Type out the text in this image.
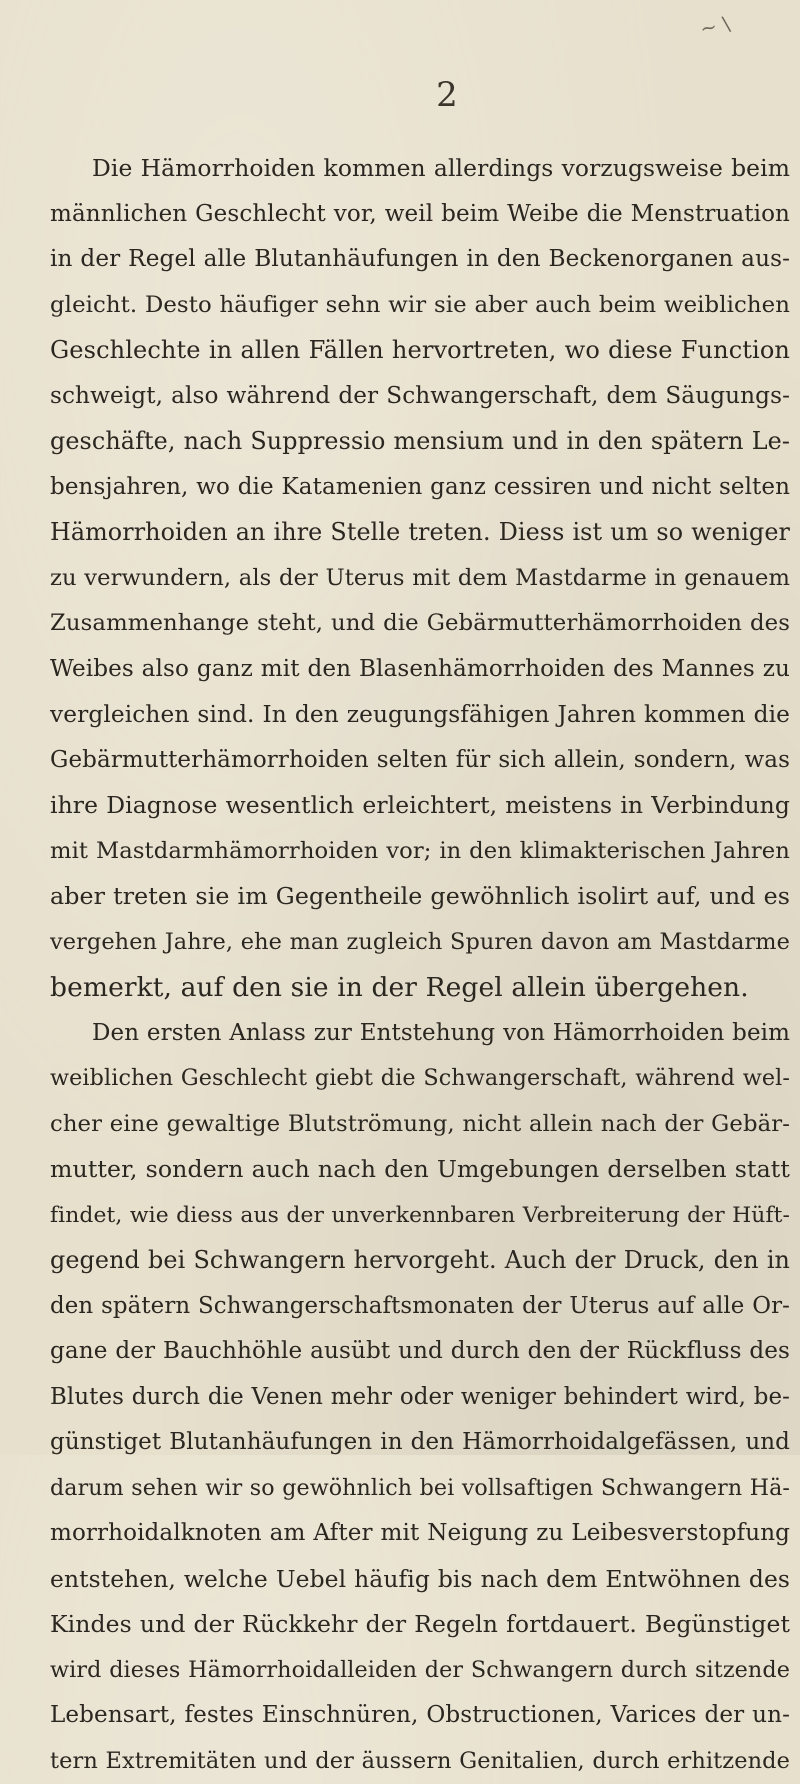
~ \
2
Die Hämorrhoiden kommen allerdings vorzugsweise beim
männlichen Geschlecht vor, weil beim Weibe die Menstruation
in der Regel alle Blutanhäufungen in den Beckenorganen aus-
gleicht. Desto häufiger sehn wir sie aber auch beim weiblichen
Geschlechte in allen Fällen hervortreten, wo diese Function
schweigt, also während der Schwangerschaft, dem Säugungs-
geschäfte, nach Suppressio mensium und in den spätern Le-
bensjahren, wo die Katamenien ganz cessiren und nicht selten
Hämorrhoiden an ihre Stelle treten. Diess ist um so weniger
zu verwundern, als der Uterus mit dem Mastdarme in genauem
Zusammenhange steht, und die Gebärmutterhämorrhoiden des
Weibes also ganz mit den Blasenhämorrhoiden des Mannes zu
vergleichen sind. In den zeugungsfähigen Jahren kommen die
Gebärmutterhämorrhoiden selten für sich allein, sondern, was
ihre Diagnose wesentlich erleichtert, meistens in Verbindung
mit Mastdarmhämorrhoiden vor; in den klimakterischen Jahren
aber treten sie im Gegentheile gewöhnlich isolirt auf, und es
vergehen Jahre, ehe man zugleich Spuren davon am Mastdarme
bemerkt, auf den sie in der Regel allein übergehen.
Den ersten Anlass zur Entstehung von Hämorrhoiden beim
weiblichen Geschlecht giebt die Schwangerschaft, während wel-
cher eine gewaltige Blutströmung, nicht allein nach der Gebär-
mutter, sondern auch nach den Umgebungen derselben statt
findet, wie diess aus der unverkennbaren Verbreiterung der Hüft-
gegend bei Schwangern hervorgeht. Auch der Druck, den in
den spätern Schwangerschaftsmonaten der Uterus auf alle Or-
gane der Bauchhöhle ausübt und durch den der Rückfluss des
Blutes durch die Venen mehr oder weniger behindert wird, be-
günstiget Blutanhäufungen in den Hämorrhoidalgefässen, und
darum sehen wir so gewöhnlich bei vollsaftigen Schwangern Hä-
morrhoidalknoten am After mit Neigung zu Leibesverstopfung
entstehen, welche Uebel häufig bis nach dem Entwöhnen des
Kindes und der Rückkehr der Regeln fortdauert. Begünstiget
wird dieses Hämorrhoidalleiden der Schwangern durch sitzende
Lebensart, festes Einschnüren, Obstructionen, Varices der un-
tern Extremitäten und der äussern Genitalien, durch erhitzende
